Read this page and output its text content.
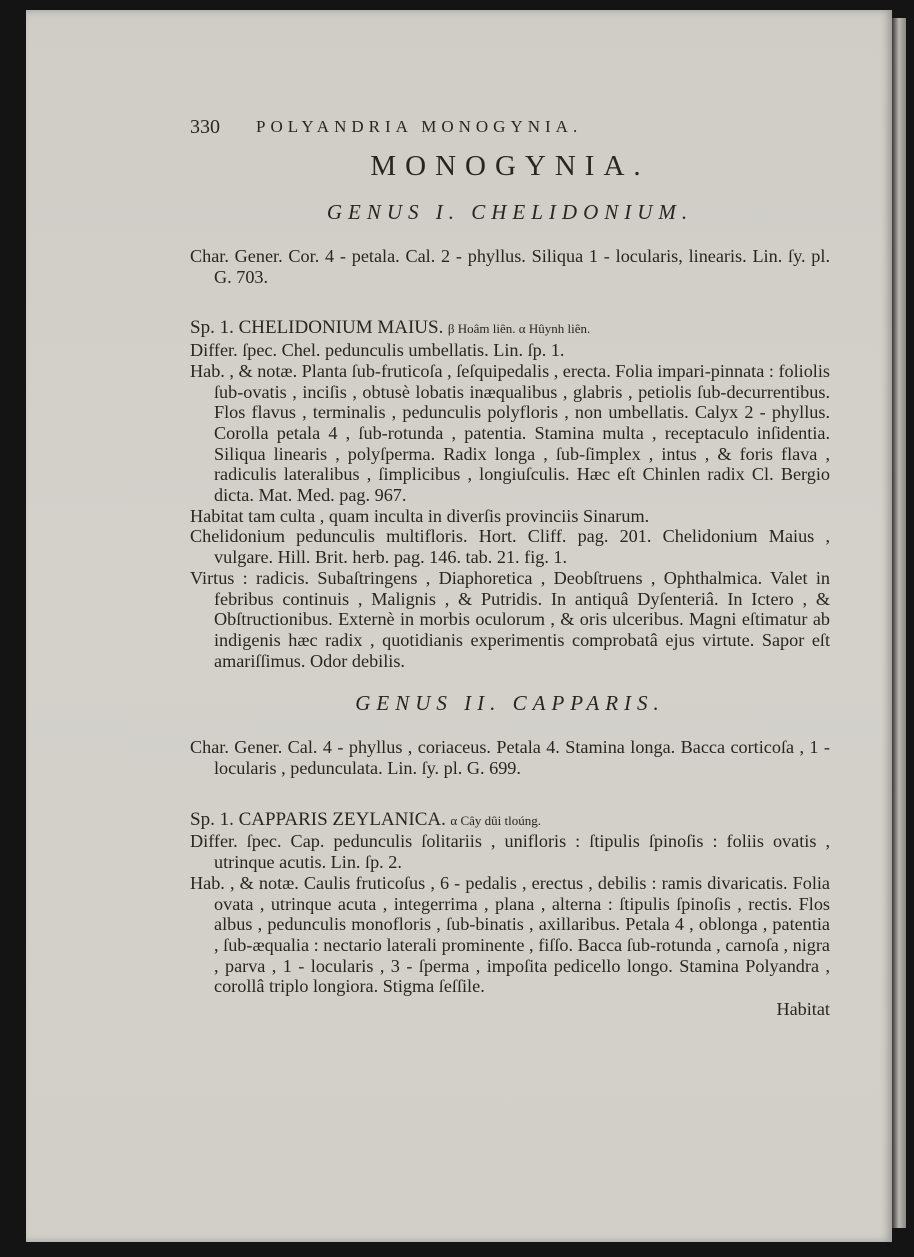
330 POLYANDRIA MONOGYNIA.
MONOGYNIA.
GENUS I. CHELIDONIUM.

Char. Gener. Cor. 4 - petala. Cal. 2 - phyllus. Siliqua 1 - locularis, linearis. Lin. ſy. pl. G. 703.

Sp. 1. CHELIDONIUM MAIUS. β Hoâm liên. α Hûynh liên.

Differ. ſpec. Chel. pedunculis umbellatis. Lin. ſp. 1.

Hab. , & notæ. Planta ſub-fruticoſa , ſeſquipedalis , erecta. Folia impari-pinnata : foliolis ſub-ovatis , inciſis , obtusè lobatis inæqualibus , glabris , petiolis ſub-decurrentibus. Flos flavus , terminalis , pedunculis polyfloris , non umbellatis. Calyx 2 - phyllus. Corolla petala 4 , ſub-rotunda , patentia. Stamina multa , receptaculo inſidentia. Siliqua linearis , polyſperma. Radix longa , ſub-ſimplex , intus , & foris flava , radiculis lateralibus , ſimplicibus , longiuſculis. Hæc eſt Chinlen radix Cl. Bergio dicta. Mat. Med. pag. 967.

Habitat tam culta , quam inculta in diverſis provinciis Sinarum.

Chelidonium pedunculis multifloris. Hort. Cliff. pag. 201. Chelidonium Maius , vulgare. Hill. Brit. herb. pag. 146. tab. 21. fig. 1.

Virtus : radicis. Subaſtringens , Diaphoretica , Deobſtruens , Ophthalmica. Valet in febribus continuis , Malignis , & Putridis. In antiquâ Dyſenteriâ. In Ictero , & Obſtructionibus. Externè in morbis oculorum , & oris ulceribus. Magni eſtimatur ab indigenis hæc radix , quotidianis experimentis comprobatâ ejus virtute. Sapor eſt amariſſimus. Odor debilis.

GENUS II. CAPPARIS.

Char. Gener. Cal. 4 - phyllus , coriaceus. Petala 4. Stamina longa. Bacca corticoſa , 1 - locularis , pedunculata. Lin. ſy. pl. G. 699.

Sp. 1. CAPPARIS ZEYLANICA. α Cây dûi tloúng.

Differ. ſpec. Cap. pedunculis ſolitariis , unifloris : ſtipulis ſpinoſis : foliis ovatis , utrinque acutis. Lin. ſp. 2.

Hab. , & notæ. Caulis fruticoſus , 6 - pedalis , erectus , debilis : ramis divaricatis. Folia ovata , utrinque acuta , integerrima , plana , alterna : ſtipulis ſpinoſis , rectis. Flos albus , pedunculis monofloris , ſub-binatis , axillaribus. Petala 4 , oblonga , patentia , ſub-æqualia : nectario laterali prominente , fiſſo. Bacca ſub-rotunda , carnoſa , nigra , parva , 1 - locularis , 3 - ſperma , impoſita pedicello longo. Stamina Polyandra , corollâ triplo longiora. Stigma ſeſſile.

Habitat
